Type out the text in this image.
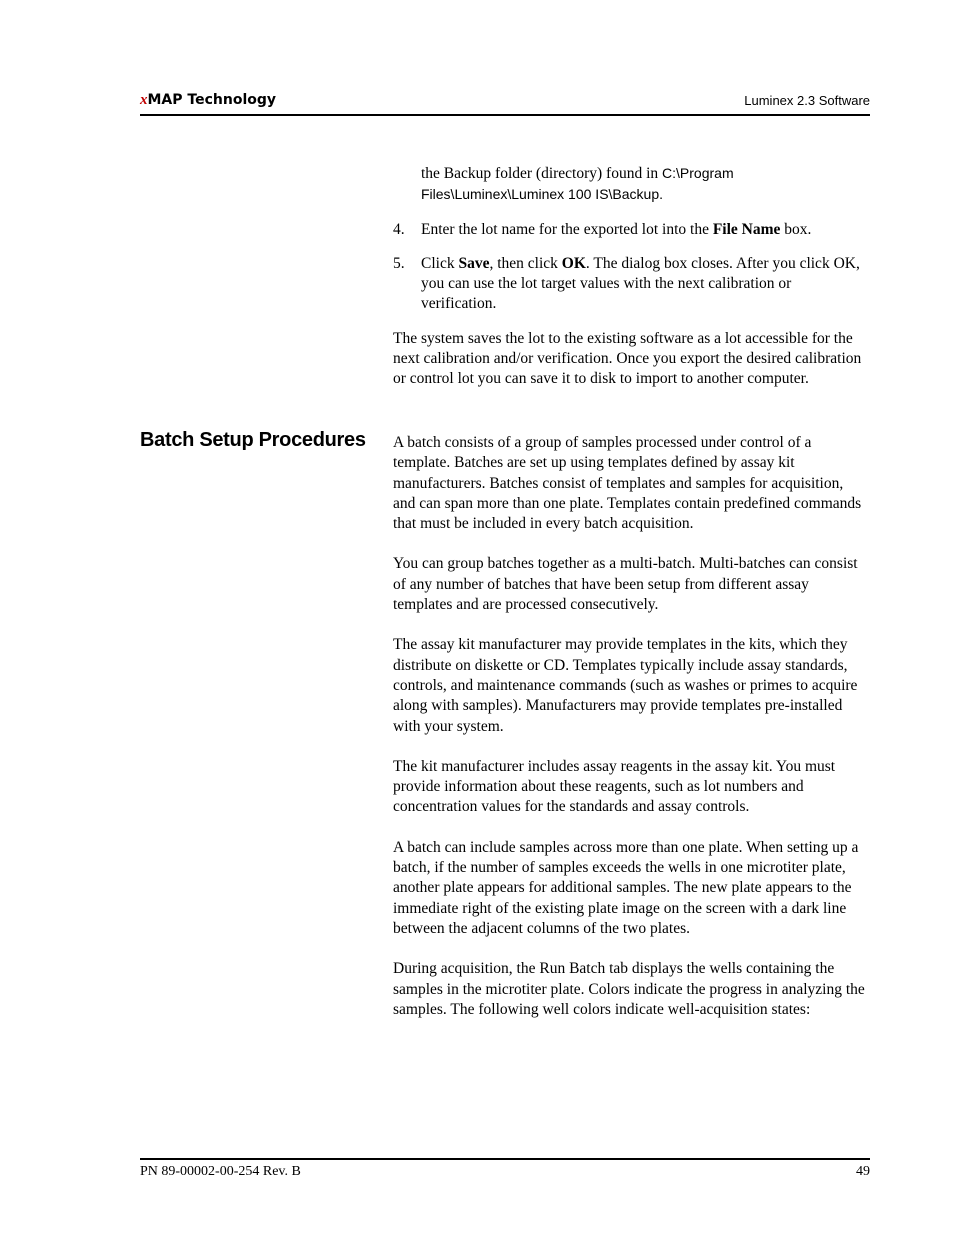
xMAP Technology	Luminex 2.3 Software
the Backup folder (directory) found in C:\Program
Files\Luminex\Luminex 100 IS\Backup.
4. Enter the lot name for the exported lot into the File Name box.
5. Click Save, then click OK. The dialog box closes. After you click OK, you can use the lot target values with the next calibration or verification.
The system saves the lot to the existing software as a lot accessible for the next calibration and/or verification. Once you export the desired calibration or control lot you can save it to disk to import to another computer.
Batch Setup Procedures A batch consists of a group of samples processed under control of a template. Batches are set up using templates defined by assay kit manufacturers. Batches consist of templates and samples for acquisition, and can span more than one plate. Templates contain predefined commands that must be included in every batch acquisition.

You can group batches together as a multi-batch. Multi-batches can consist of any number of batches that have been setup from different assay templates and are processed consecutively.

The assay kit manufacturer may provide templates in the kits, which they distribute on diskette or CD. Templates typically include assay standards, controls, and maintenance commands (such as washes or primes to acquire along with samples). Manufacturers may provide templates pre-installed with your system.

The kit manufacturer includes assay reagents in the assay kit. You must provide information about these reagents, such as lot numbers and concentration values for the standards and assay controls.

A batch can include samples across more than one plate. When setting up a batch, if the number of samples exceeds the wells in one microtiter plate, another plate appears for additional samples. The new plate appears to the immediate right of the existing plate image on the screen with a dark line between the adjacent columns of the two plates.

During acquisition, the Run Batch tab displays the wells containing the samples in the microtiter plate. Colors indicate the progress in analyzing the samples. The following well colors indicate well-acquisition states:

PN 89-00002-00-254 Rev. B	49
